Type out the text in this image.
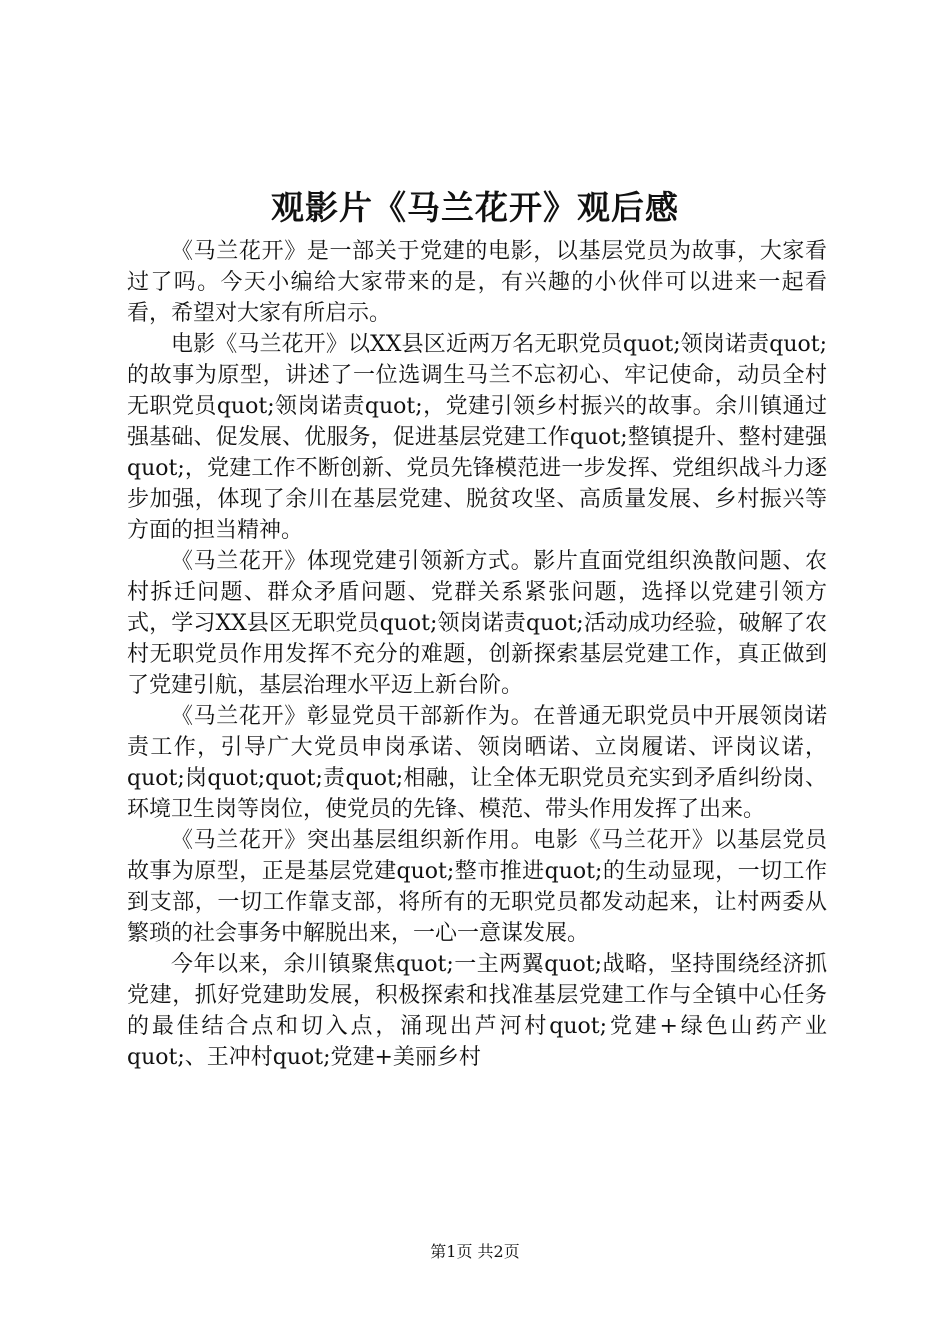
观影片《马兰花开》观后感

《马兰花开》是一部关于党建的电影，以基层党员为故事，大家看过了吗。今天小编给大家带来的是，有兴趣的小伙伴可以进来一起看看，希望对大家有所启示。

电影《马兰花开》以XX县区近两万名无职党员quot;领岗诺责quot;的故事为原型，讲述了一位选调生马兰不忘初心、牢记使命，动员全村无职党员quot;领岗诺责quot;，党建引领乡村振兴的故事。余川镇通过强基础、促发展、优服务，促进基层党建工作quot;整镇提升、整村建强quot;，党建工作不断创新、党员先锋模范进一步发挥、党组织战斗力逐步加强，体现了余川在基层党建、脱贫攻坚、高质量发展、乡村振兴等方面的担当精神。

《马兰花开》体现党建引领新方式。影片直面党组织涣散问题、农村拆迁问题、群众矛盾问题、党群关系紧张问题，选择以党建引领方式，学习XX县区无职党员quot;领岗诺责quot;活动成功经验，破解了农村无职党员作用发挥不充分的难题，创新探索基层党建工作，真正做到了党建引航，基层治理水平迈上新台阶。

《马兰花开》彰显党员干部新作为。在普通无职党员中开展领岗诺责工作，引导广大党员申岗承诺、领岗晒诺、立岗履诺、评岗议诺，quot;岗quot;quot;责quot;相融，让全体无职党员充实到矛盾纠纷岗、环境卫生岗等岗位，使党员的先锋、模范、带头作用发挥了出来。

《马兰花开》突出基层组织新作用。电影《马兰花开》以基层党员故事为原型，正是基层党建quot;整市推进quot;的生动显现，一切工作到支部，一切工作靠支部，将所有的无职党员都发动起来，让村两委从繁琐的社会事务中解脱出来，一心一意谋发展。

今年以来，余川镇聚焦quot;一主两翼quot;战略，坚持围绕经济抓党建，抓好党建助发展，积极探索和找准基层党建工作与全镇中心任务的最佳结合点和切入点，涌现出芦河村quot;党建+绿色山药产业quot;、王冲村quot;党建+美丽乡村

第1页 共2页
